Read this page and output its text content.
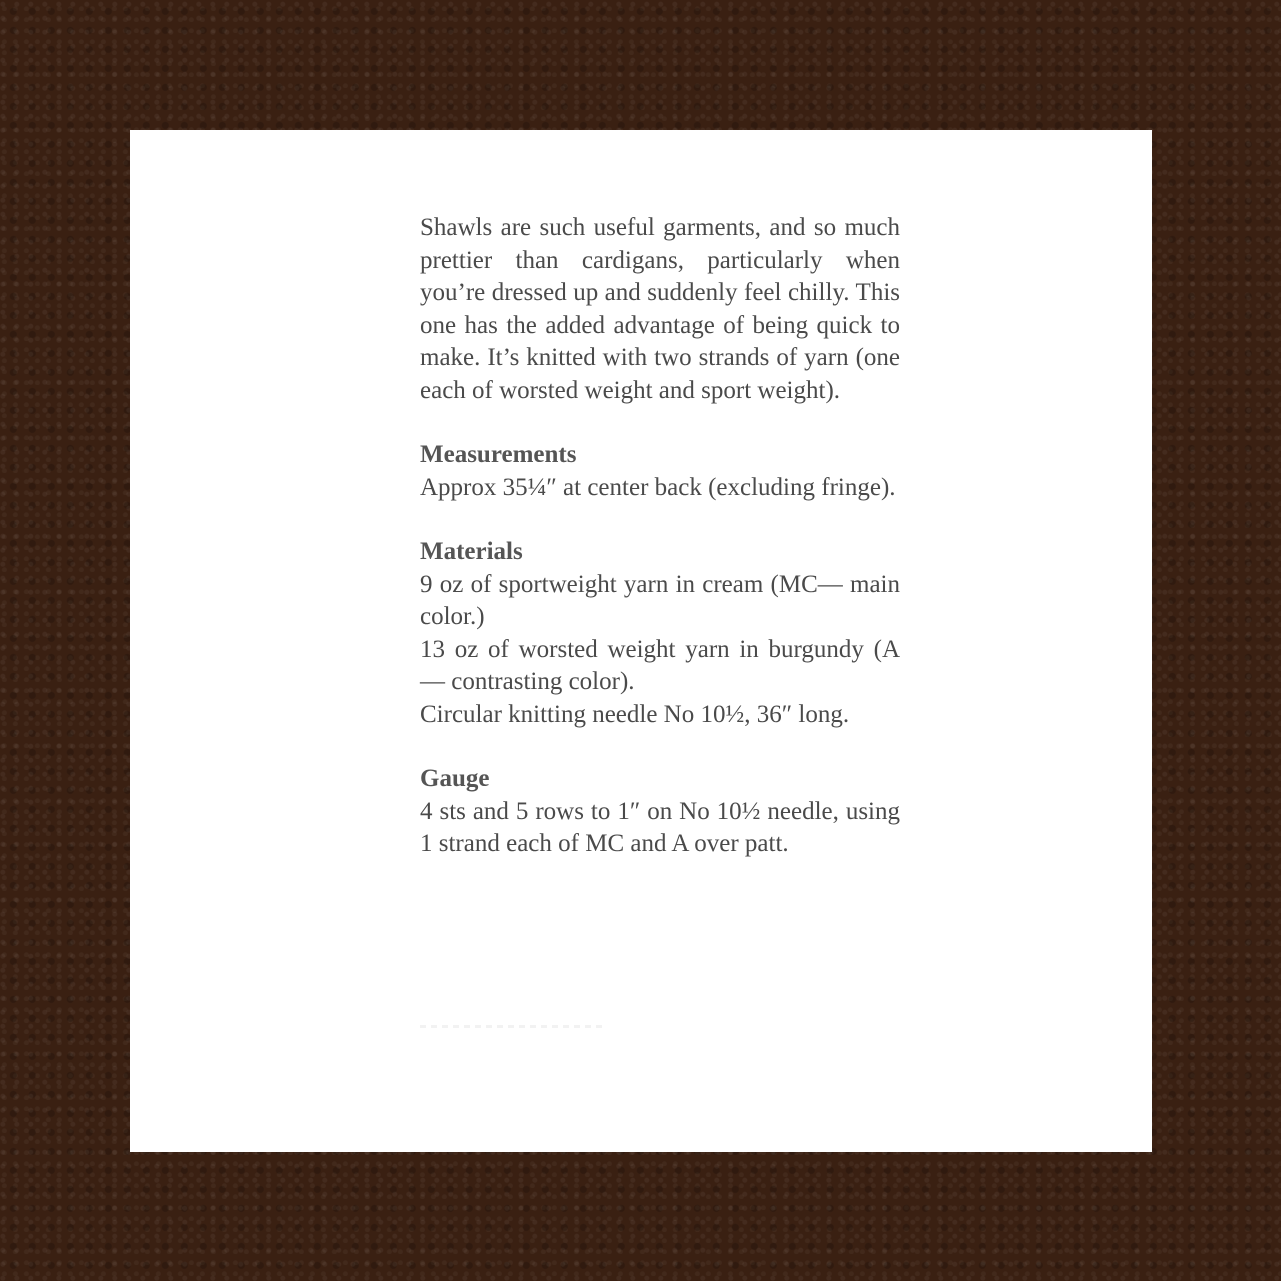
Shawls are such useful garments, and so much prettier than cardigans, particularly when you’re dressed up and suddenly feel chilly. This one has the added advantage of being quick to make. It’s knitted with two strands of yarn (one each of worsted weight and sport weight).

Measurements

Approx 35¼″ at center back (excluding fringe).

Materials

9 oz of sportweight yarn in cream (MC— main color.)

13 oz of worsted weight yarn in burgundy (A — contrasting color).

Circular knitting needle No 10½, 36″ long.

Gauge

4 sts and 5 rows to 1″ on No 10½ needle, using 1 strand each of MC and A over patt.
